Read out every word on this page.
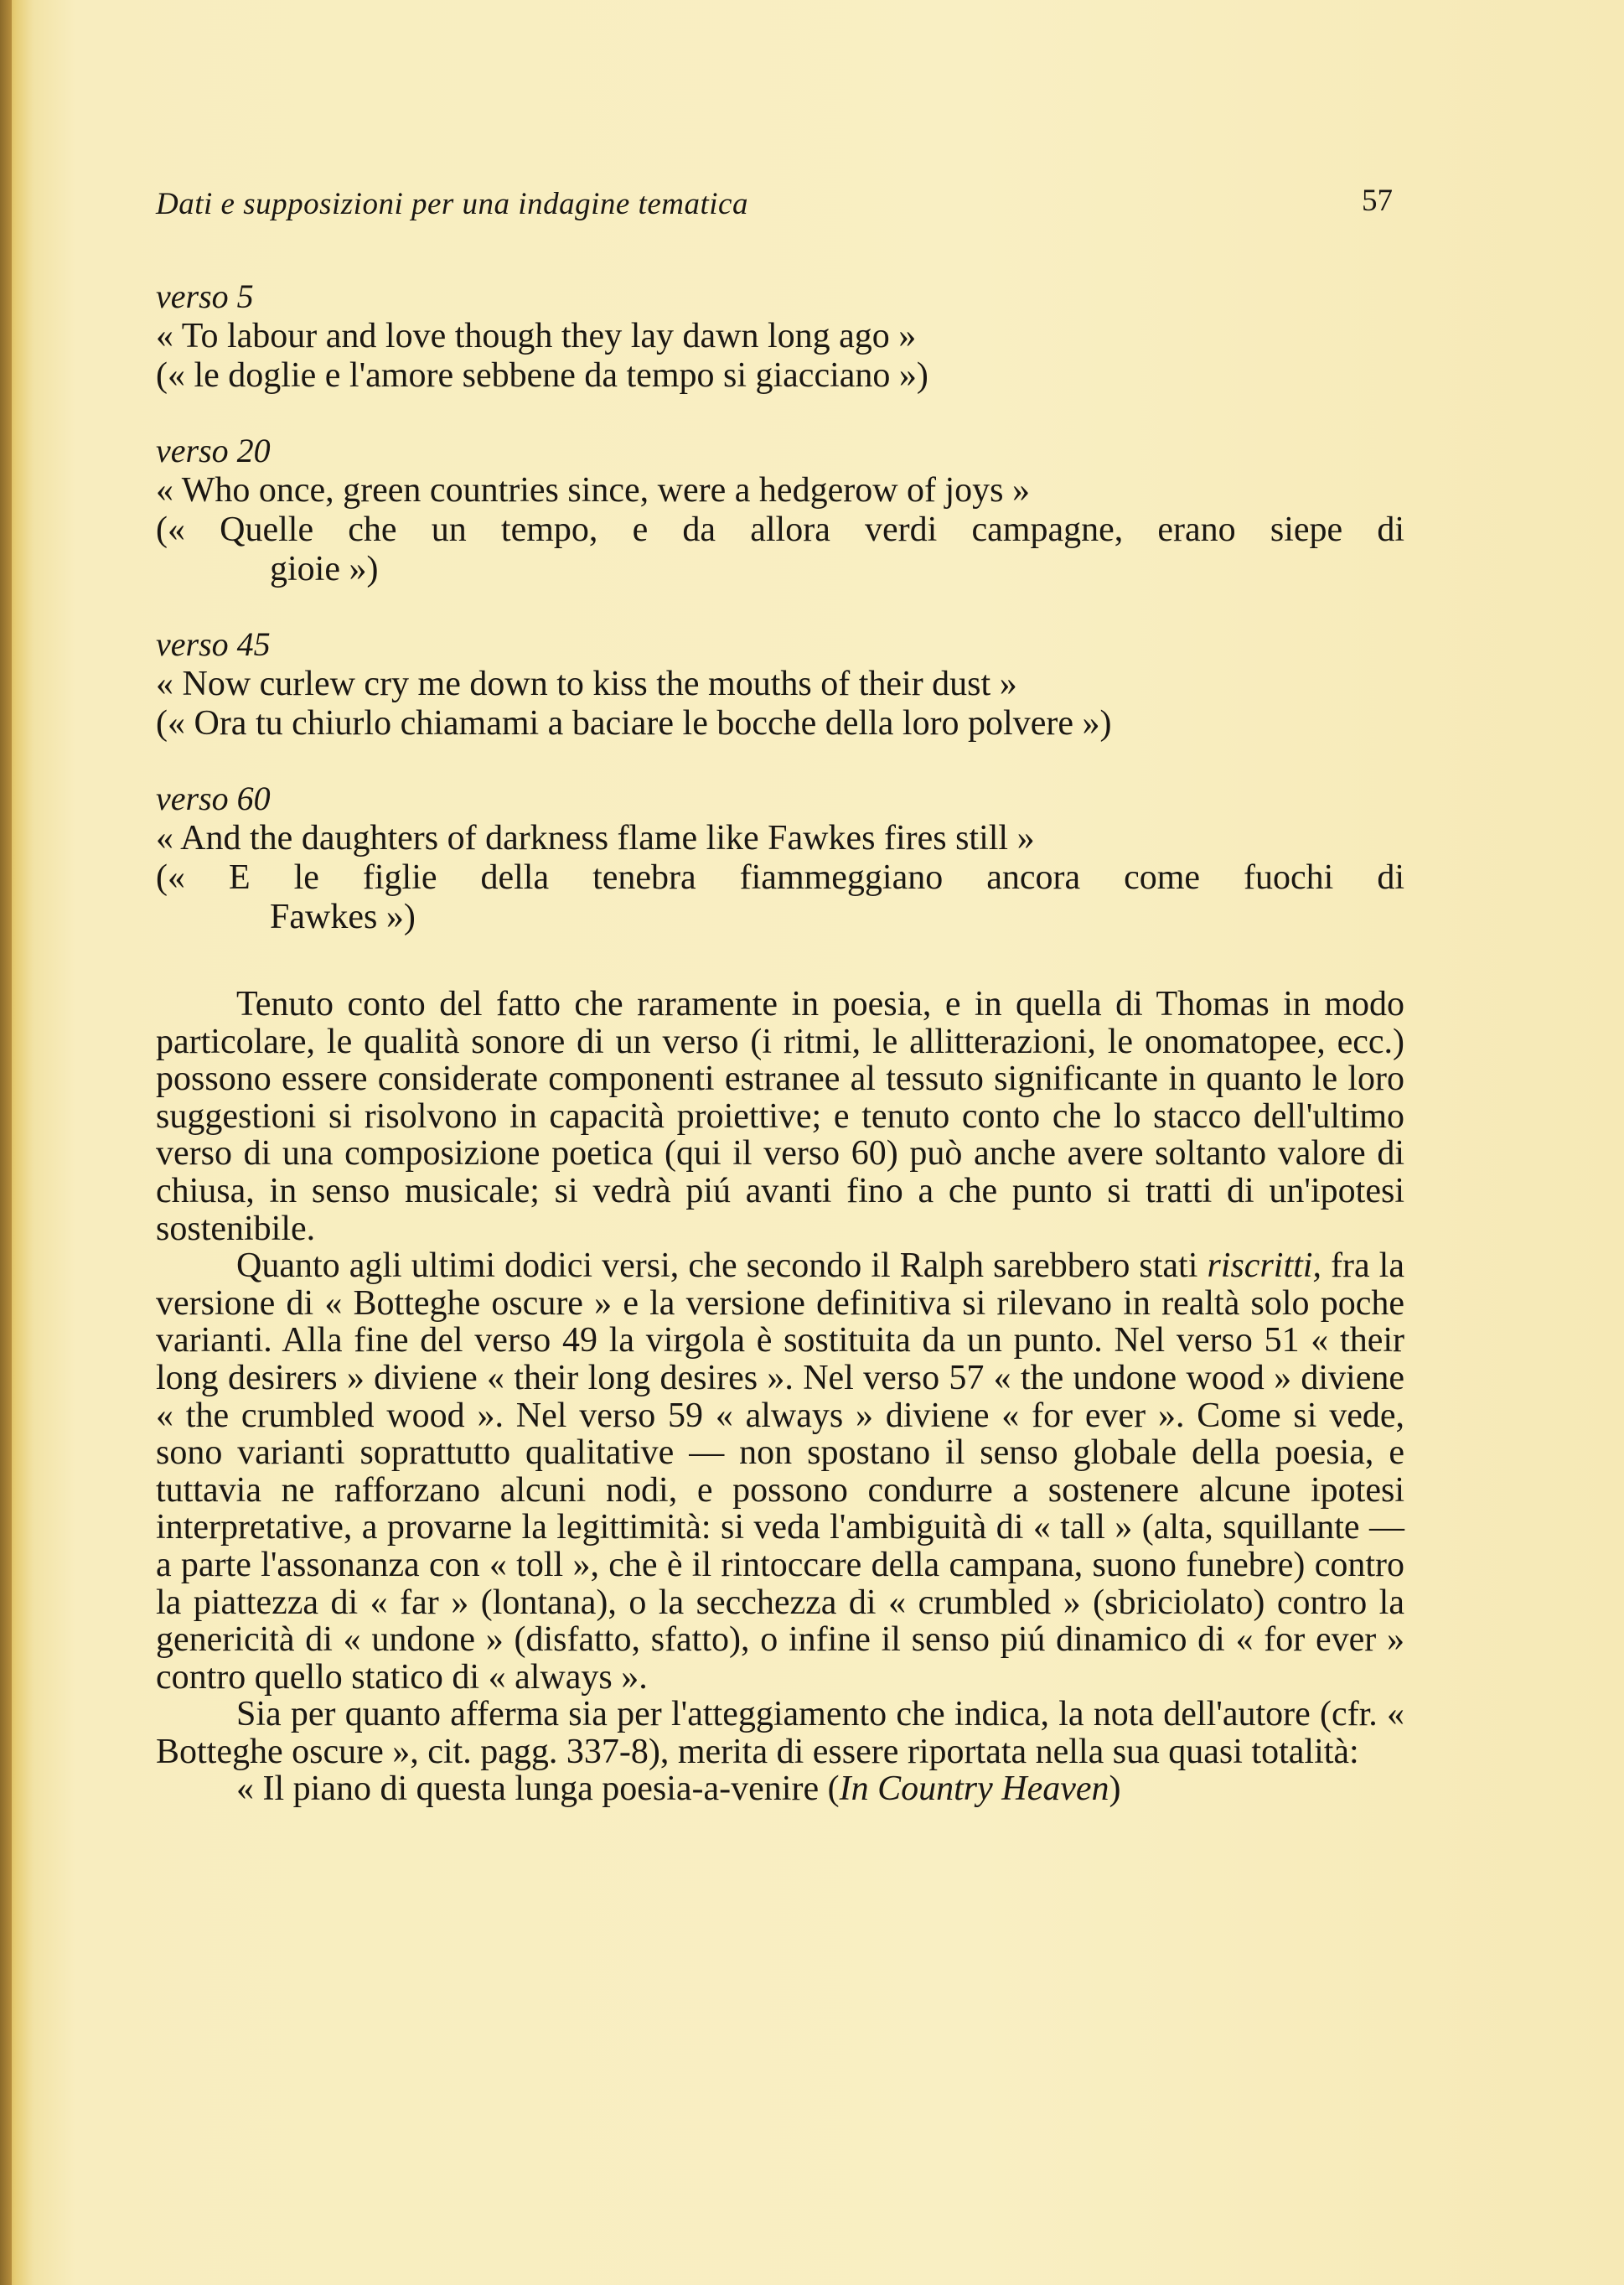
Dati e supposizioni per una indagine tematica	57
verso 5
« To labour and love though they lay dawn long ago »
(« le doglie e l'amore sebbene da tempo si giacciano »)
verso 20
« Who once, green countries since, were a hedgerow of joys »
(« Quelle che un tempo, e da allora verdi campagne, erano siepe di
gioie »)
verso 45
« Now curlew cry me down to kiss the mouths of their dust »
(« Ora tu chiurlo chiamami a baciare le bocche della loro polvere »)
verso 60
« And the daughters of darkness flame like Fawkes fires still »
(« E le figlie della tenebra fiammeggiano ancora come fuochi di
Fawkes »)

Tenuto conto del fatto che raramente in poesia, e in quella di Thomas in modo particolare, le qualità sonore di un verso (i ritmi, le allitterazioni, le onomatopee, ecc.) possono essere considerate componenti estranee al tessuto significante in quanto le loro suggestioni si risolvono in capacità proiettive; e tenuto conto che lo stacco dell'ultimo verso di una composizione poetica (qui il verso 60) può anche avere soltanto valore di chiusa, in senso musicale; si vedrà piú avanti fino a che punto si tratti di un'ipotesi sostenibile.

Quanto agli ultimi dodici versi, che secondo il Ralph sarebbero stati riscritti, fra la versione di « Botteghe oscure » e la versione definitiva si rilevano in realtà solo poche varianti. Alla fine del verso 49 la virgola è sostituita da un punto. Nel verso 51 « their long desirers » diviene « their long desires ». Nel verso 57 « the undone wood » diviene « the crumbled wood ». Nel verso 59 « always » diviene « for ever ». Come si vede, sono varianti soprattutto qualitative — non spostano il senso globale della poesia, e tuttavia ne rafforzano alcuni nodi, e possono condurre a sostenere alcune ipotesi interpretative, a provarne la legittimità: si veda l'ambiguità di « tall » (alta, squillante — a parte l'assonanza con « toll », che è il rintoccare della campana, suono funebre) contro la piattezza di « far » (lontana), o la secchezza di « crumbled » (sbriciolato) contro la genericità di « undone » (disfatto, sfatto), o infine il senso piú dinamico di « for ever » contro quello statico di « always ».

Sia per quanto afferma sia per l'atteggiamento che indica, la nota dell'autore (cfr. « Botteghe oscure », cit. pagg. 337-8), merita di essere riportata nella sua quasi totalità:

« Il piano di questa lunga poesia-a-venire (In Country Heaven)
